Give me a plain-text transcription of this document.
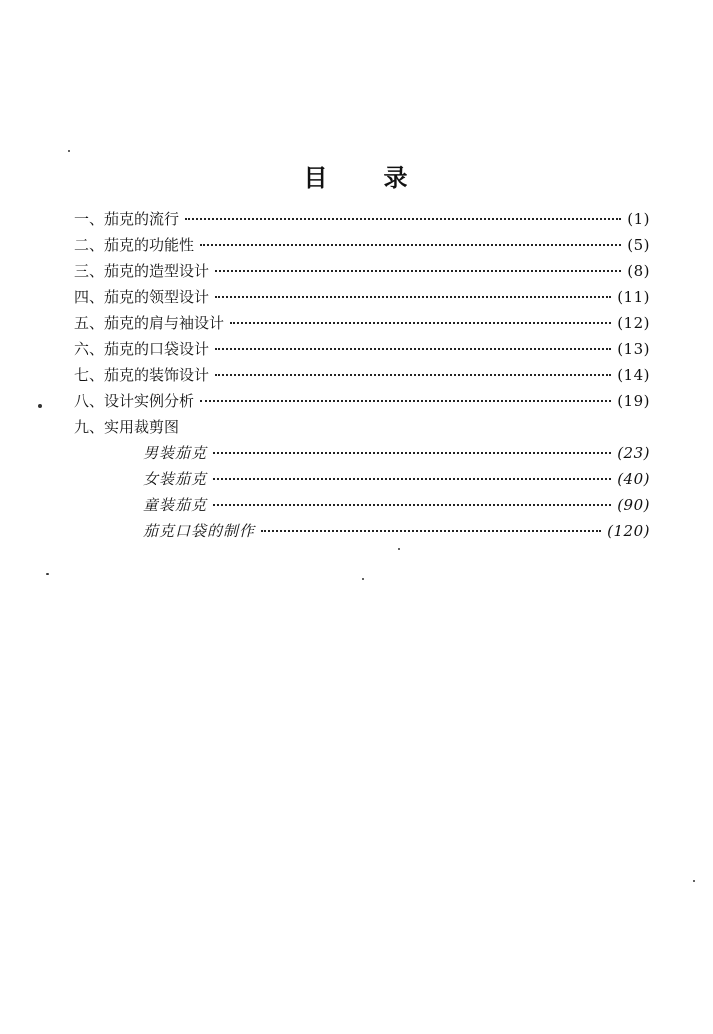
目 录
一、茄克的流行	(1)
二、茄克的功能性	(5)
三、茄克的造型设计	(8)
四、茄克的领型设计	(11)
五、茄克的肩与袖设计	(12)
六、茄克的口袋设计	(13)
七、茄克的装饰设计	(14)
八、设计实例分析	(19)
九、实用裁剪图
男装茄克	(23)
女装茄克	(40)
童装茄克	(90)
茄克口袋的制作	(120)
